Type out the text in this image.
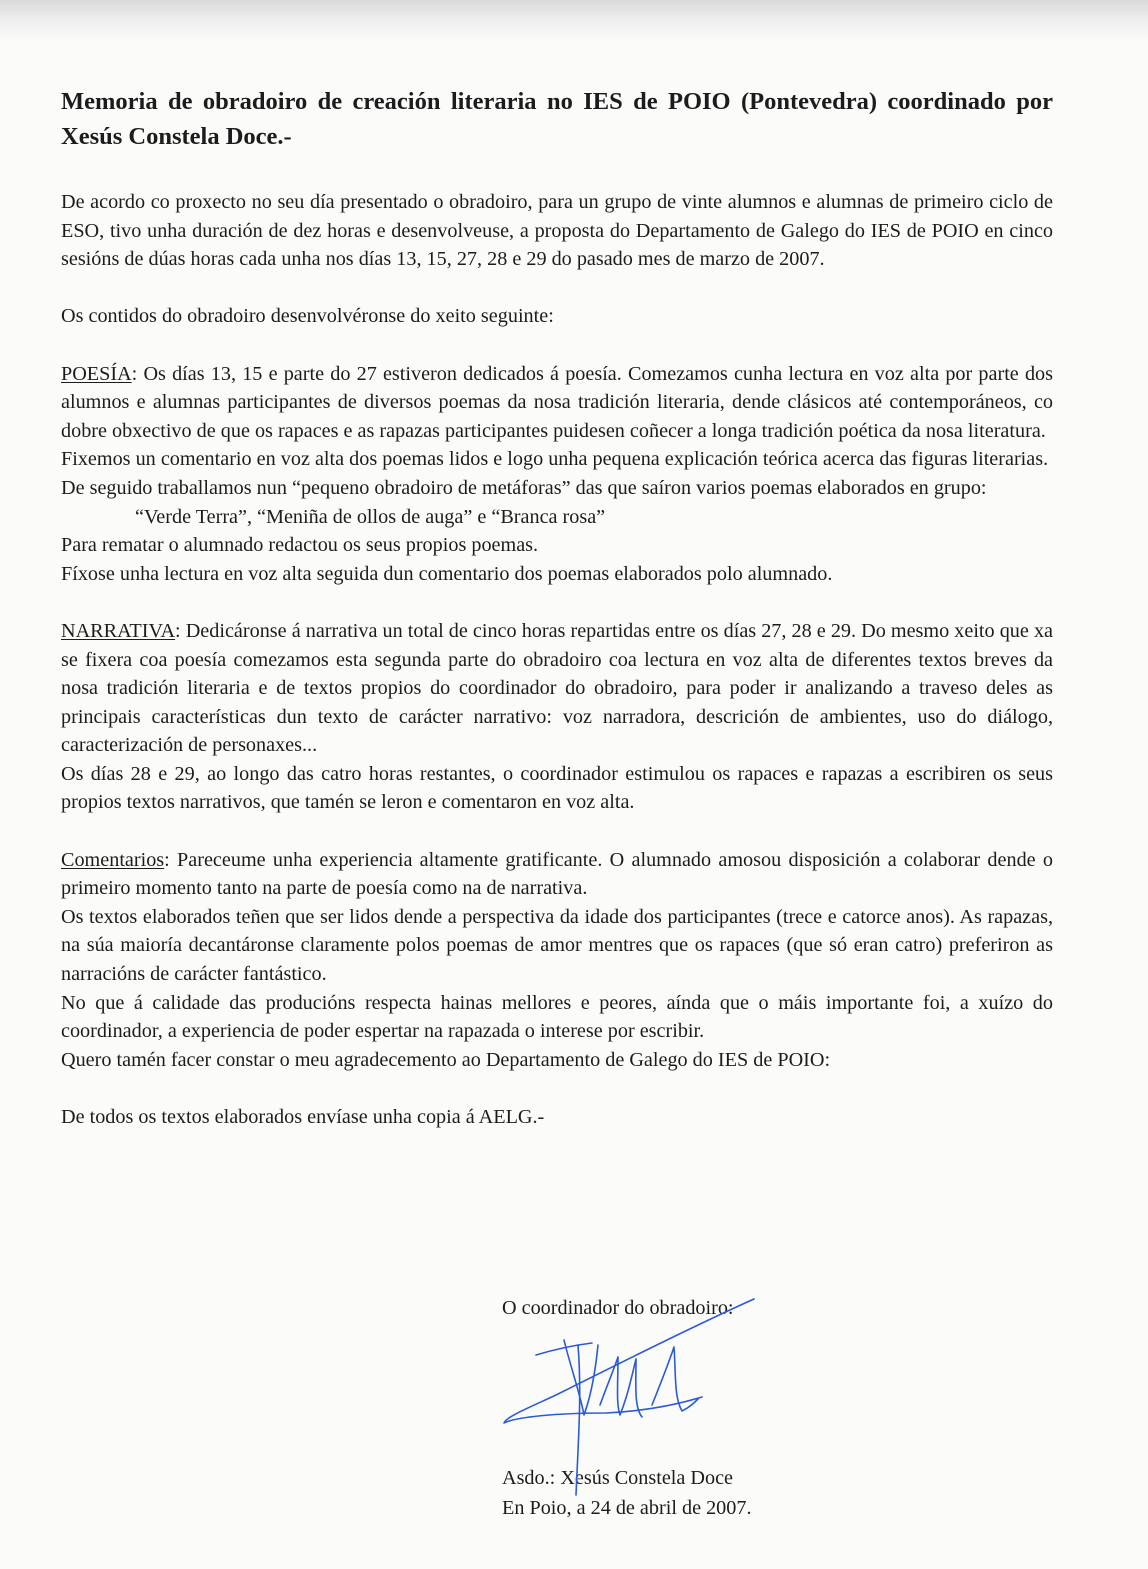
Memoria de obradoiro de creación literaria no IES de POIO (Pontevedra) coordinado por Xesús Constela Doce.-

De acordo co proxecto no seu día presentado o obradoiro, para un grupo de vinte alumnos e alumnas de primeiro ciclo de ESO, tivo unha duración de dez horas e desenvolveuse, a proposta do Departamento de Galego do IES de POIO en cinco sesións de dúas horas cada unha nos días 13, 15, 27, 28 e 29 do pasado mes de marzo de 2007.

Os contidos do obradoiro desenvolvéronse do xeito seguinte:

POESÍA: Os días 13, 15 e parte do 27 estiveron dedicados á poesía. Comezamos cunha lectura en voz alta por parte dos alumnos e alumnas participantes de diversos poemas da nosa tradición literaria, dende clásicos até contemporáneos, co dobre obxectivo de que os rapaces e as rapazas participantes puidesen coñecer a longa tradición poética da nosa literatura.

Fixemos un comentario en voz alta dos poemas lidos e logo unha pequena explicación teórica acerca das figuras literarias.

De seguido traballamos nun “pequeno obradoiro de metáforas” das que saíron varios poemas elaborados en grupo:

“Verde Terra”, “Meniña de ollos de auga” e “Branca rosa”

Para rematar o alumnado redactou os seus propios poemas.

Fíxose unha lectura en voz alta seguida dun comentario dos poemas elaborados polo alumnado.

NARRATIVA: Dedicáronse á narrativa un total de cinco horas repartidas entre os días 27, 28 e 29. Do mesmo xeito que xa se fixera coa poesía comezamos esta segunda parte do obradoiro coa lectura en voz alta de diferentes textos breves da nosa tradición literaria e de textos propios do coordinador do obradoiro, para poder ir analizando a traveso deles as principais características dun texto de carácter narrativo: voz narradora, descrición de ambientes, uso do diálogo, caracterización de personaxes...

Os días 28 e 29, ao longo das catro horas restantes, o coordinador estimulou os rapaces e rapazas a escribiren os seus propios textos narrativos, que tamén se leron e comentaron en voz alta.

Comentarios: Pareceume unha experiencia altamente gratificante. O alumnado amosou disposición a colaborar dende o primeiro momento tanto na parte de poesía como na de narrativa.

Os textos elaborados teñen que ser lidos dende a perspectiva da idade dos participantes (trece e catorce anos). As rapazas, na súa maioría decantáronse claramente polos poemas de amor mentres que os rapaces (que só eran catro) preferiron as narracións de carácter fantástico.

No que á calidade das producións respecta hainas mellores e peores, aínda que o máis importante foi, a xuízo do coordinador, a experiencia de poder espertar na rapazada o interese por escribir.

Quero tamén facer constar o meu agradecemento ao Departamento de Galego do IES de POIO:

De todos os textos elaborados envíase unha copia á AELG.-

O coordinador do obradoiro:
Asdo.: Xesús Constela Doce
En Poio, a 24 de abril de 2007.
